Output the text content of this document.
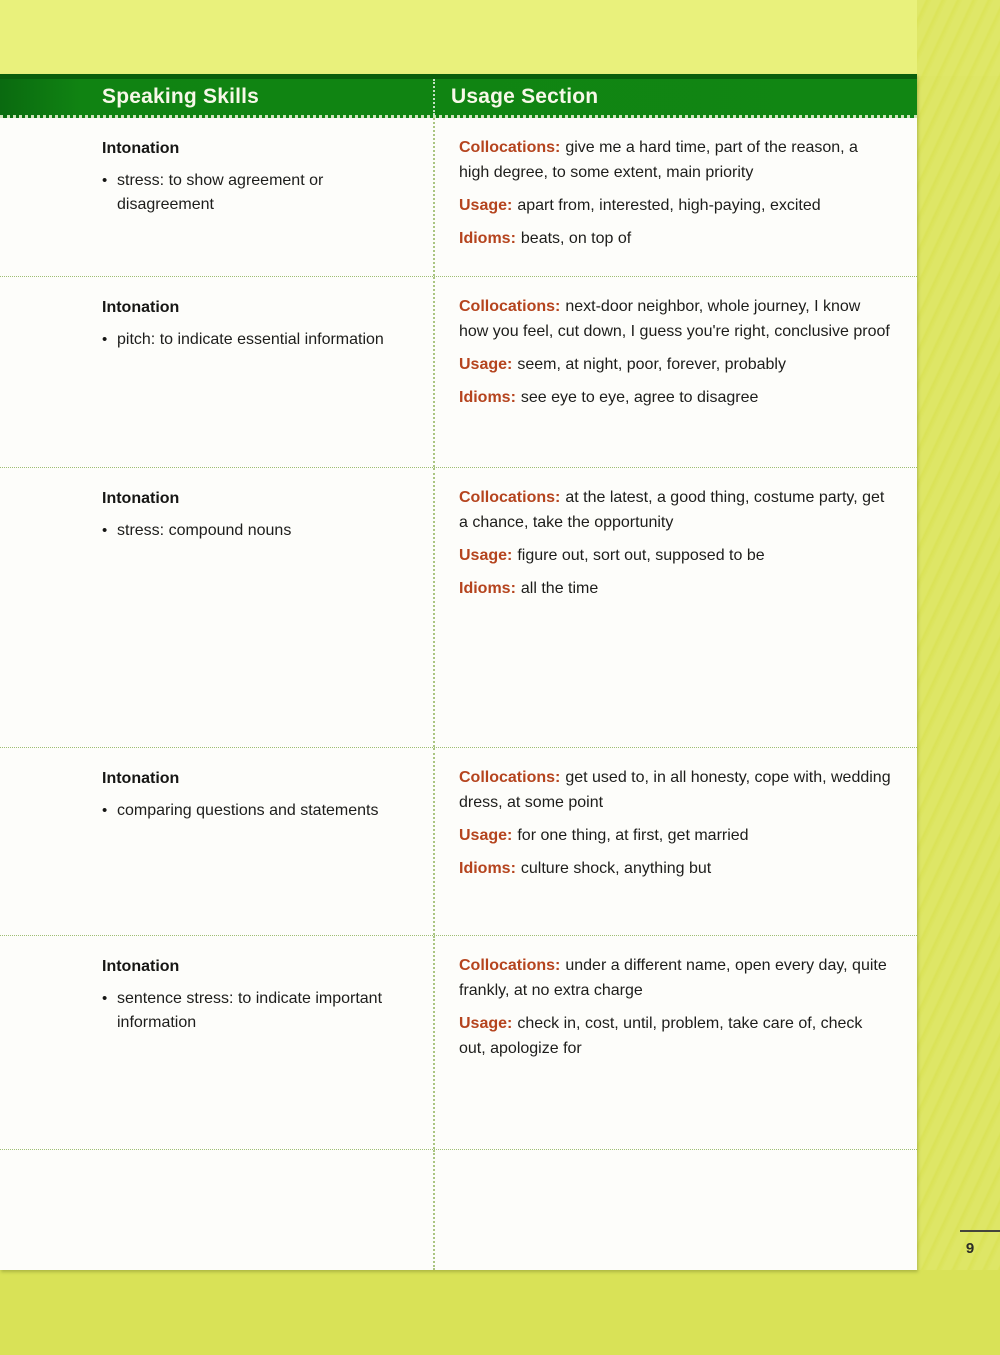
Speaking Skills	Usage Section
Intonation
• stress: to show agreement or disagreement

Collocations: give me a hard time, part of the reason, a high degree, to some extent, main priority

Usage: apart from, interested, high-paying, excited

Idioms: beats, on top of

Intonation
• pitch: to indicate essential information

Collocations: next-door neighbor, whole journey, I know how you feel, cut down, I guess you're right, conclusive proof

Usage: seem, at night, poor, forever, probably

Idioms: see eye to eye, agree to disagree

Intonation
• stress: compound nouns

Collocations: at the latest, a good thing, costume party, get a chance, take the opportunity

Usage: figure out, sort out, supposed to be

Idioms: all the time

Intonation
• comparing questions and statements

Collocations: get used to, in all honesty, cope with, wedding dress, at some point

Usage: for one thing, at first, get married

Idioms: culture shock, anything but

Intonation
• sentence stress: to indicate important information

Collocations: under a different name, open every day, quite frankly, at no extra charge

Usage: check in, cost, until, problem, take care of, check out, apologize for

9
